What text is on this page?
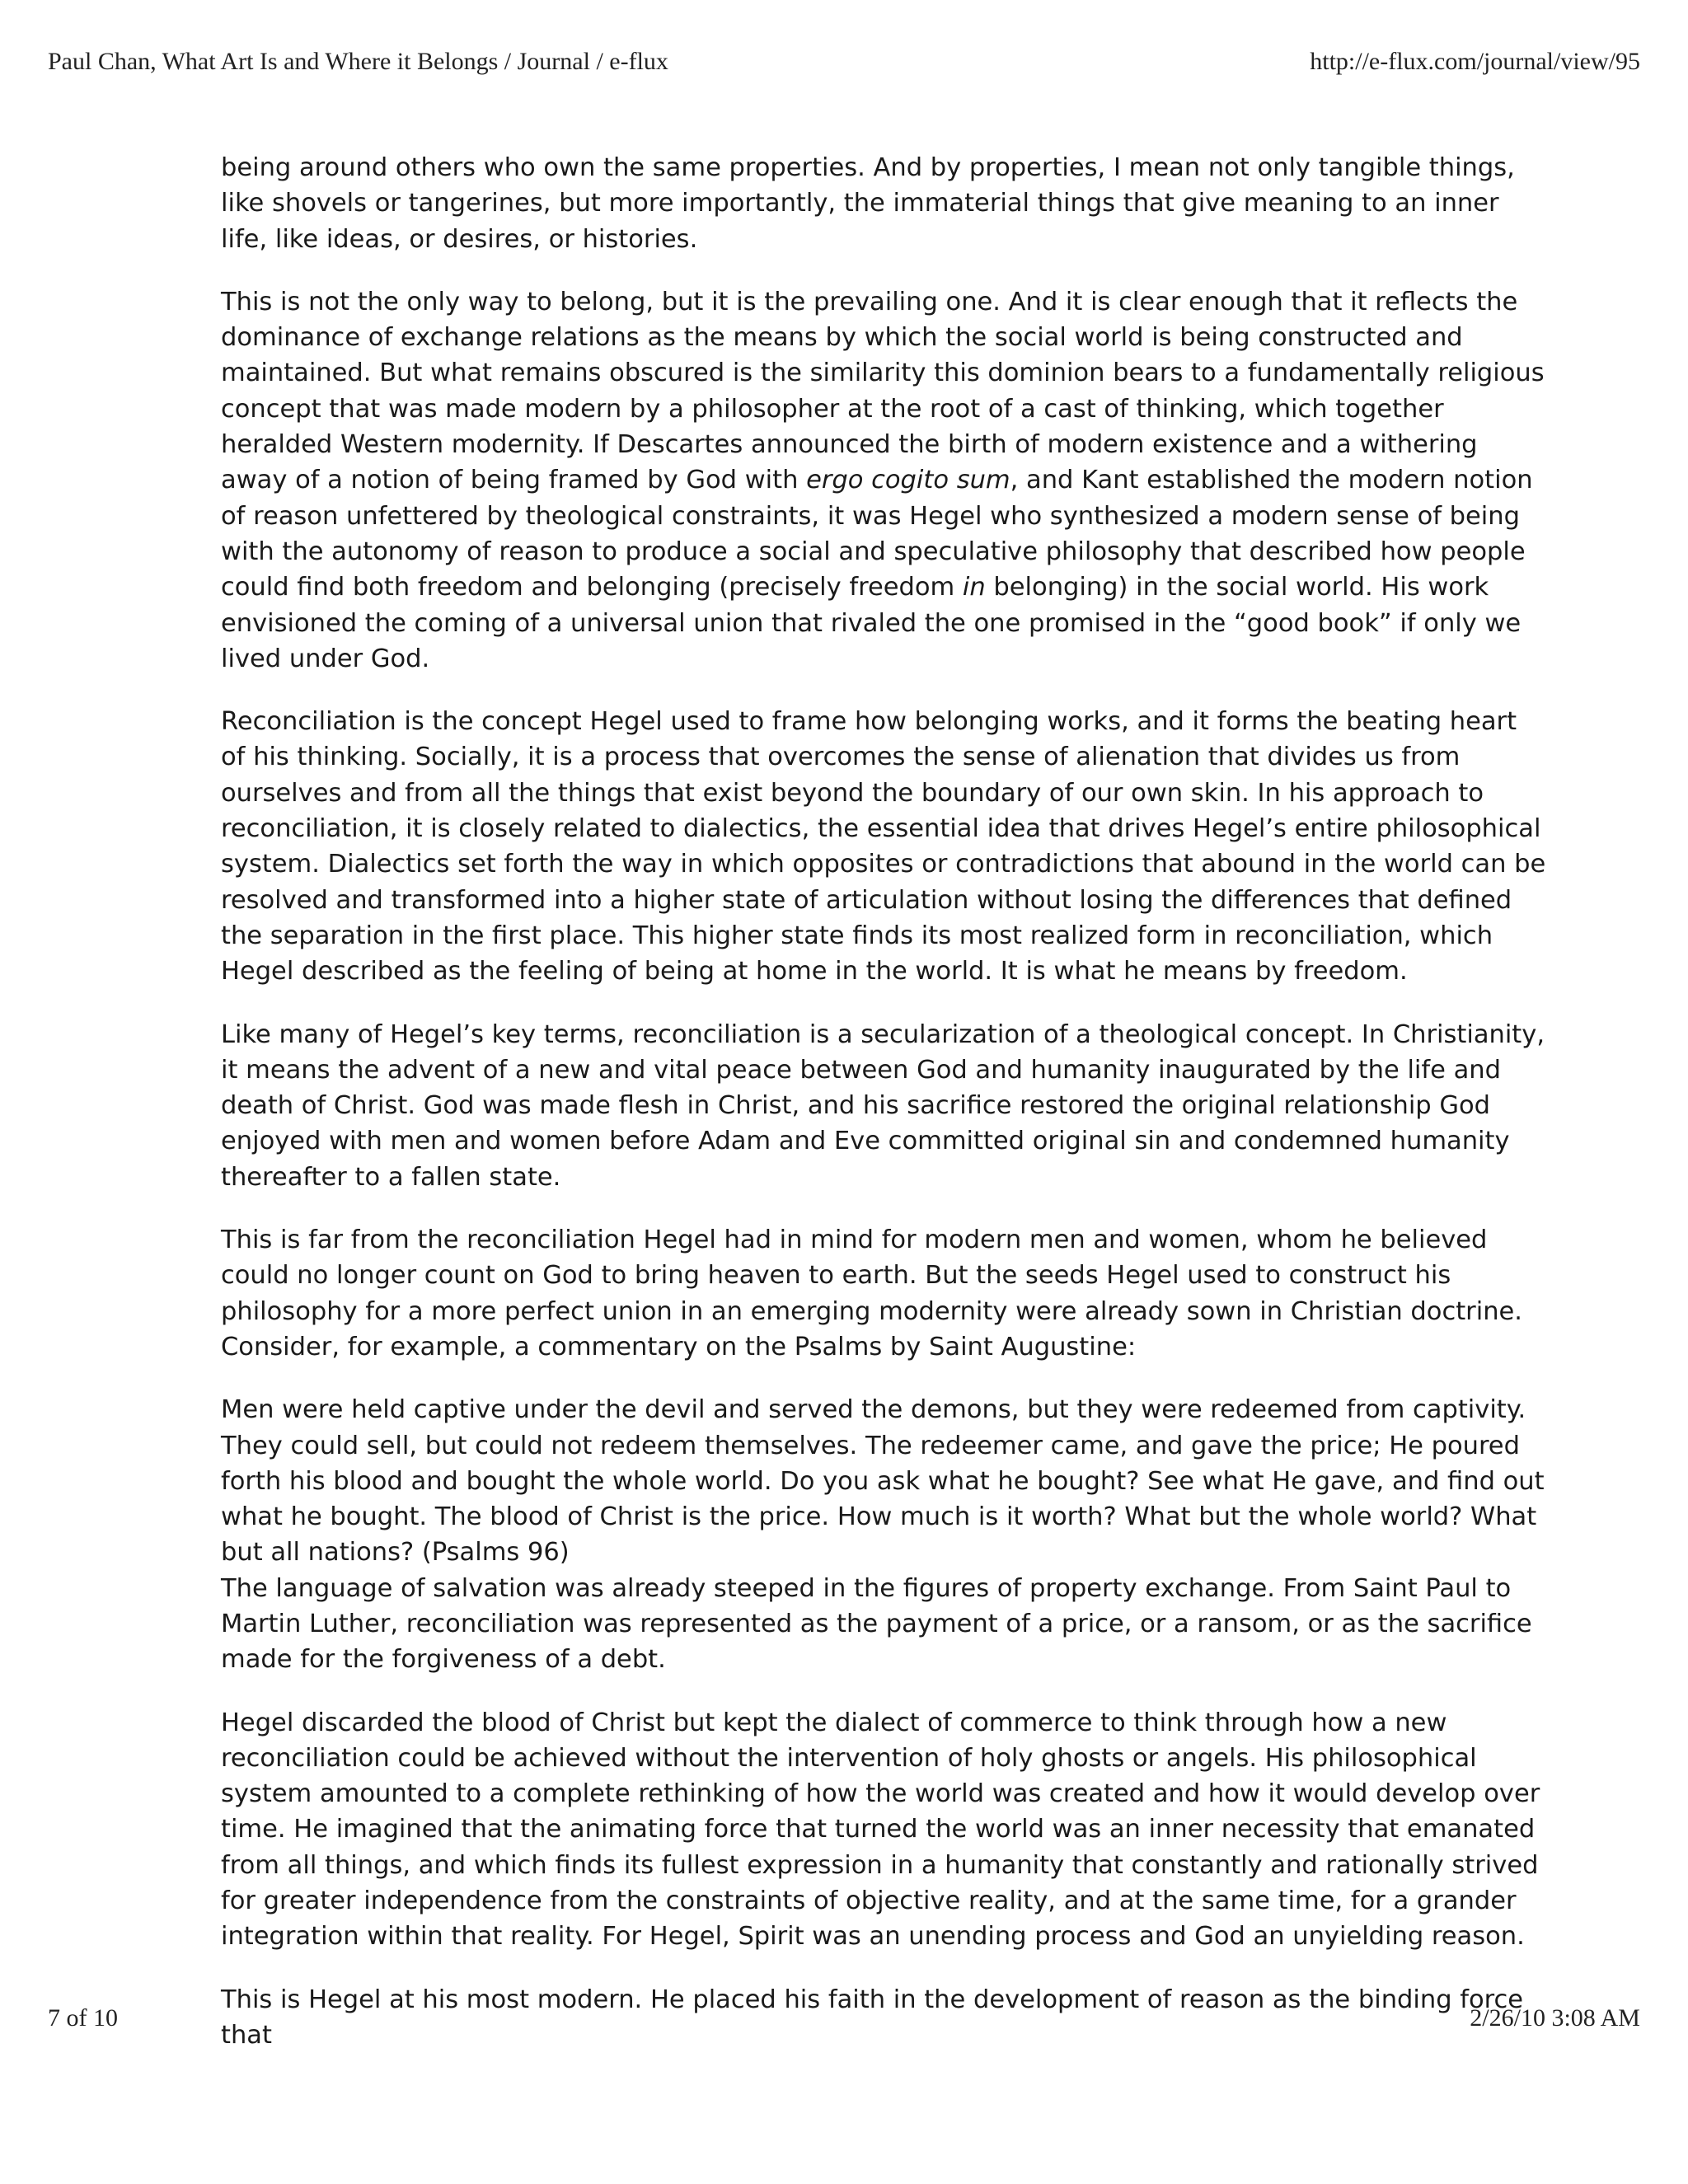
Paul Chan, What Art Is and Where it Belongs / Journal / e-flux	http://e-flux.com/journal/view/95

being around others who own the same properties. And by properties, I mean not only tangible things, like shovels or tangerines, but more importantly, the immaterial things that give meaning to an inner life, like ideas, or desires, or histories.

This is not the only way to belong, but it is the prevailing one. And it is clear enough that it reflects the dominance of exchange relations as the means by which the social world is being constructed and maintained. But what remains obscured is the similarity this dominion bears to a fundamentally religious concept that was made modern by a philosopher at the root of a cast of thinking, which together heralded Western modernity. If Descartes announced the birth of modern existence and a withering away of a notion of being framed by God with ergo cogito sum, and Kant established the modern notion of reason unfettered by theological constraints, it was Hegel who synthesized a modern sense of being with the autonomy of reason to produce a social and speculative philosophy that described how people could find both freedom and belonging (precisely freedom in belonging) in the social world. His work envisioned the coming of a universal union that rivaled the one promised in the “good book” if only we lived under God.

Reconciliation is the concept Hegel used to frame how belonging works, and it forms the beating heart of his thinking. Socially, it is a process that overcomes the sense of alienation that divides us from ourselves and from all the things that exist beyond the boundary of our own skin. In his approach to reconciliation, it is closely related to dialectics, the essential idea that drives Hegel’s entire philosophical system. Dialectics set forth the way in which opposites or contradictions that abound in the world can be resolved and transformed into a higher state of articulation without losing the differences that defined the separation in the first place. This higher state finds its most realized form in reconciliation, which Hegel described as the feeling of being at home in the world. It is what he means by freedom.

Like many of Hegel’s key terms, reconciliation is a secularization of a theological concept. In Christianity, it means the advent of a new and vital peace between God and humanity inaugurated by the life and death of Christ. God was made flesh in Christ, and his sacrifice restored the original relationship God enjoyed with men and women before Adam and Eve committed original sin and condemned humanity thereafter to a fallen state.

This is far from the reconciliation Hegel had in mind for modern men and women, whom he believed could no longer count on God to bring heaven to earth. But the seeds Hegel used to construct his philosophy for a more perfect union in an emerging modernity were already sown in Christian doctrine. Consider, for example, a commentary on the Psalms by Saint Augustine:

Men were held captive under the devil and served the demons, but they were redeemed from captivity. They could sell, but could not redeem themselves. The redeemer came, and gave the price; He poured forth his blood and bought the whole world. Do you ask what he bought? See what He gave, and find out what he bought. The blood of Christ is the price. How much is it worth? What but the whole world? What but all nations? (Psalms 96)

The language of salvation was already steeped in the figures of property exchange. From Saint Paul to Martin Luther, reconciliation was represented as the payment of a price, or a ransom, or as the sacrifice made for the forgiveness of a debt.

Hegel discarded the blood of Christ but kept the dialect of commerce to think through how a new reconciliation could be achieved without the intervention of holy ghosts or angels. His philosophical system amounted to a complete rethinking of how the world was created and how it would develop over time. He imagined that the animating force that turned the world was an inner necessity that emanated from all things, and which finds its fullest expression in a humanity that constantly and rationally strived for greater independence from the constraints of objective reality, and at the same time, for a grander integration within that reality. For Hegel, Spirit was an unending process and God an unyielding reason.

This is Hegel at his most modern. He placed his faith in the development of reason as the binding force that

7 of 10	2/26/10 3:08 AM
